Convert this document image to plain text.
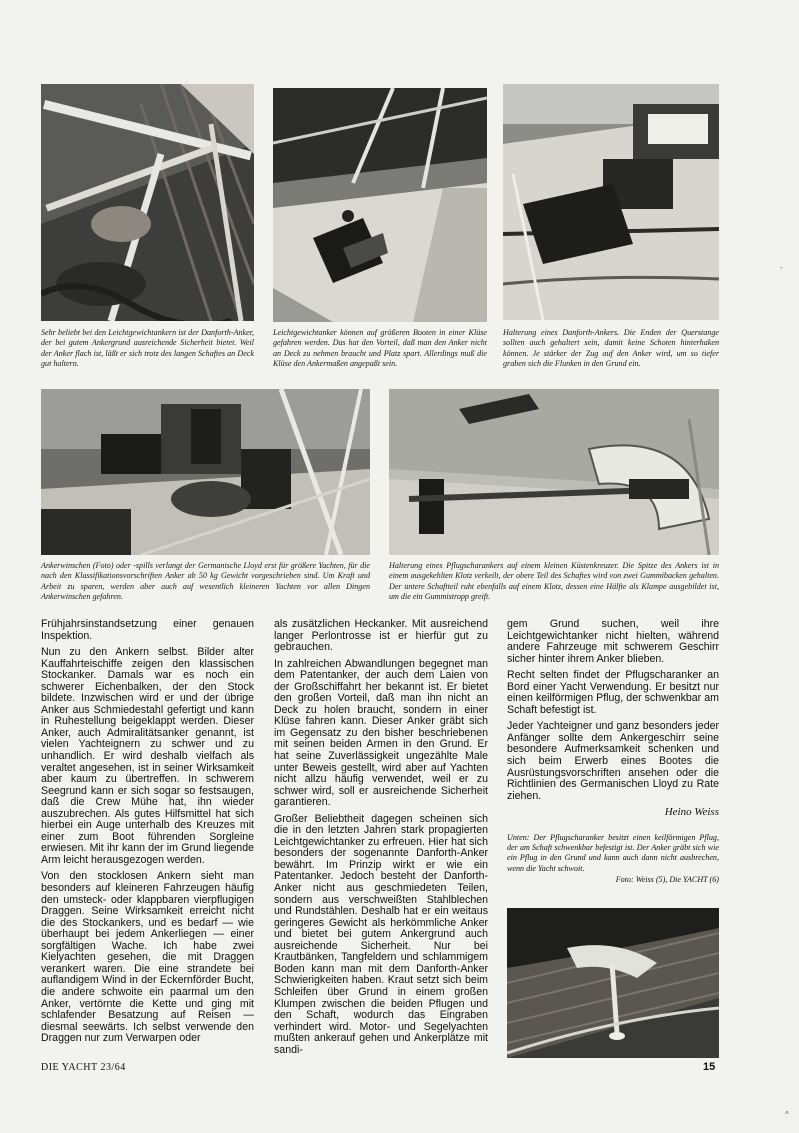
Sehr beliebt bei den Leichtgewichtankern ist der Danforth-Anker, der bei gutem Ankergrund ausreichende Sicherheit bietet. Weil der Anker flach ist, läßt er sich trotz des langen Schaftes an Deck gut haltern.
Leichtgewichtanker können auf größeren Booten in einer Klüse gefahren werden. Das hat den Vorteil, daß man den Anker nicht an Deck zu nehmen braucht und Platz spart. Allerdings muß die Klüse den Ankermaßen angepaßt sein.
Halterung eines Danforth-Ankers. Die Enden der Querstange sollten auch gehaltert sein, damit keine Schoten hinterhaken können. Je stärker der Zug auf den Anker wird, um so tiefer graben sich die Flunken in den Grund ein.
Ankerwinschen (Foto) oder -spills verlangt der Germanische Lloyd erst für größere Yachten, für die nach den Klassifikationsvorschriften Anker ab 50 kg Gewicht vorgeschrieben sind. Um Kraft und Arbeit zu sparen, werden aber auch auf wesentlich kleineren Yachten vor allen Dingen Ankerwinschen gefahren.
Halterung eines Pflugscharankers auf einem kleinen Küstenkreuzer. Die Spitze des Ankers ist in einem ausgekehlten Klotz verkeilt, der obere Teil des Schaftes wird von zwei Gummibacken gehalten. Der untere Schaftteil ruht ebenfalls auf einem Klotz, dessen eine Hälfte als Klampe ausgebildet ist, um die ein Gummistropp greift.

Frühjahrsinstandsetzung einer genauen Inspektion.

Nun zu den Ankern selbst. Bilder alter Kauffahrteischiffe zeigen den klassischen Stockanker. Damals war es noch ein schwerer Eichenbalken, der den Stock bildete. Inzwischen wird er und der übrige Anker aus Schmiedestahl gefertigt und kann in Ruhestellung beigeklappt werden. Dieser Anker, auch Admiralitätsanker genannt, ist vielen Yachteignern zu schwer und zu unhandlich. Er wird deshalb vielfach als veraltet angesehen, ist in seiner Wirksamkeit aber kaum zu übertreffen. In schwerem Seegrund kann er sich sogar so festsaugen, daß die Crew Mühe hat, ihn wieder auszubrechen. Als gutes Hilfsmittel hat sich hierbei ein Auge unterhalb des Kreuzes mit einer zum Boot führenden Sorgleine erwiesen. Mit ihr kann der im Grund liegende Arm leicht herausgezogen werden.

Von den stocklosen Ankern sieht man besonders auf kleineren Fahrzeugen häufig den umsteck- oder klappbaren vierpflugigen Draggen. Seine Wirksamkeit erreicht nicht die des Stockankers, und es bedarf — wie überhaupt bei jedem Ankerliegen — einer sorgfältigen Wache. Ich habe zwei Kielyachten gesehen, die mit Draggen verankert waren. Die eine strandete bei auflandigem Wind in der Eckernförder Bucht, die andere schwoite ein paarmal um den Anker, vertörnte die Kette und ging mit schlafender Besatzung auf Reisen — diesmal seewärts. Ich selbst verwende den Draggen nur zum Verwarpen oder

als zusätzlichen Heckanker. Mit ausreichend langer Perlontrosse ist er hierfür gut zu gebrauchen.

In zahlreichen Abwandlungen begegnet man dem Patentanker, der auch dem Laien von der Großschiffahrt her bekannt ist. Er bietet den großen Vorteil, daß man ihn nicht an Deck zu holen braucht, sondern in einer Klüse fahren kann. Dieser Anker gräbt sich im Gegensatz zu den bisher beschriebenen mit seinen beiden Armen in den Grund. Er hat seine Zuverlässigkeit ungezählte Male unter Beweis gestellt, wird aber auf Yachten nicht allzu häufig verwendet, weil er zu schwer wird, soll er ausreichende Sicherheit garantieren.

Großer Beliebtheit dagegen scheinen sich die in den letzten Jahren stark propagierten Leichtgewichtanker zu erfreuen. Hier hat sich besonders der sogenannte Danforth-Anker bewährt. Im Prinzip wirkt er wie ein Patentanker. Jedoch besteht der Danforth-Anker nicht aus geschmiedeten Teilen, sondern aus verschweißten Stahlblechen und Rundstählen. Deshalb hat er ein weitaus geringeres Gewicht als herkömmliche Anker und bietet bei gutem Ankergrund auch ausreichende Sicherheit. Nur bei Krautbänken, Tangfeldern und schlammigem Boden kann man mit dem Danforth-Anker Schwierigkeiten haben. Kraut setzt sich beim Schleifen über Grund in einem großen Klumpen zwischen die beiden Pflugen und den Schaft, wodurch das Eingraben verhindert wird. Motor- und Segelyachten mußten ankerauf gehen und Ankerplätze mit sandi-

gem Grund suchen, weil ihre Leichtgewichtanker nicht hielten, während andere Fahrzeuge mit schwerem Geschirr sicher hinter ihrem Anker blieben.

Recht selten findet der Pflugscharanker an Bord einer Yacht Verwendung. Er besitzt nur einen keilförmigen Pflug, der schwenkbar am Schaft befestigt ist.

Jeder Yachteigner und ganz besonders jeder Anfänger sollte dem Ankergeschirr seine besondere Aufmerksamkeit schenken und sich beim Erwerb eines Bootes die Ausrüstungsvorschriften ansehen oder die Richtlinien des Germanischen Lloyd zu Rate ziehen.

Heino Weiss
Unten: Der Pflugscharanker besitzt einen keilförmigen Pflug, der am Schaft schwenkbar befestigt ist. Der Anker gräbt sich wie ein Pflug in den Grund und kann auch dann nicht ausbrechen, wenn die Yacht schwoit.
Foto: Weiss (5), Die YACHT (6)
DIE YACHT 23/64	15
-
^
